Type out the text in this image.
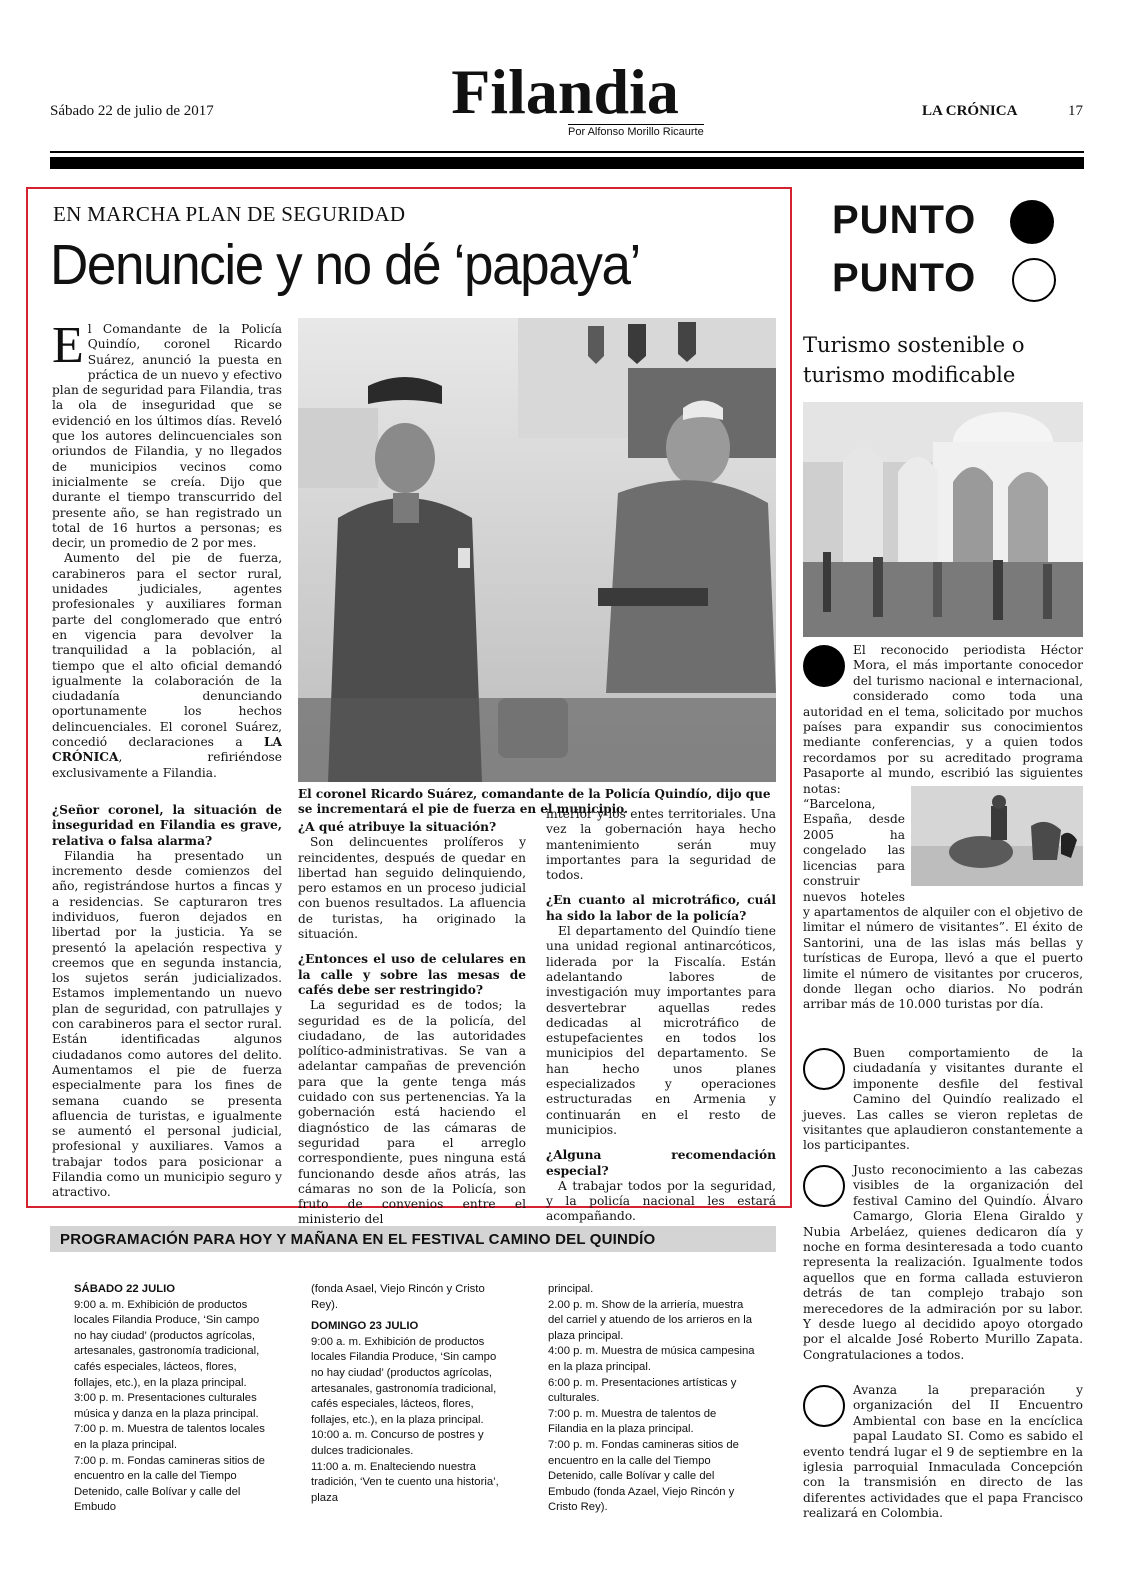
Sábado 22 de julio de 2017	Filandia
Por Alfonso Morillo Ricaurte
LA CRÓNICA	17
EN MARCHA PLAN DE SEGURIDAD
Denuncie y no dé ‘papaya’

El Comandante de la Policía Quindío, coronel Ricardo Suárez, anunció la puesta en práctica de un nuevo y efectivo plan de seguridad para Filandia, tras la ola de inseguridad que se evidenció en los últimos días. Reveló que los autores delincuenciales son oriundos de Filandia, y no llegados de municipios vecinos como inicialmente se creía. Dijo que durante el tiempo transcurrido del presente año, se han registrado un total de 16 hurtos a personas; es decir, un promedio de 2 por mes.

Aumento del pie de fuerza, carabineros para el sector rural, unidades judiciales, agentes profesionales y auxiliares forman parte del conglomerado que entró en vigencia para devolver la tranquilidad a la población, al tiempo que el alto oficial demandó igualmente la colaboración de la ciudadanía denunciando oportunamente los hechos delincuenciales. El coronel Suárez, concedió declaraciones a LA CRÓNICA, refiriéndose exclusivamente a Filandia.

¿Señor coronel, la situación de inseguridad en Filandia es grave, relativa o falsa alarma?

Filandia ha presentado un incremento desde comienzos del año, registrándose hurtos a fincas y a residencias. Se capturaron tres individuos, fueron dejados en libertad por la justicia. Ya se presentó la apelación respectiva y creemos que en segunda instancia, los sujetos serán judicializados. Estamos implementando un nuevo plan de seguridad, con patrullajes y con carabineros para el sector rural. Están identificadas algunos ciudadanos como autores del delito. Aumentamos el pie de fuerza especialmente para los fines de semana cuando se presenta afluencia de turistas, e igualmente se aumentó el personal judicial, profesional y auxiliares. Vamos a trabajar todos para posicionar a Filandia como un municipio seguro y atractivo.

El coronel Ricardo Suárez, comandante de la Policía Quindío, dijo que se incrementará el pie de fuerza en el municipio.

¿A qué atribuye la situación?

Son delincuentes prolíferos y reincidentes, después de quedar en libertad han seguido delinquiendo, pero estamos en un proceso judicial con buenos resultados. La afluencia de turistas, ha originado la situación.

¿Entonces el uso de celulares en la calle y sobre las mesas de cafés debe ser restringido?

La seguridad es de todos; la seguridad es de la policía, del ciudadano, de las autoridades político-administrativas. Se van a adelantar campañas de prevención para que la gente tenga más cuidado con sus pertenencias. Ya la gobernación está haciendo el diagnóstico de las cámaras de seguridad para el arreglo correspondiente, pues ninguna está funcionando desde años atrás, las cámaras no son de la Policía, son fruto de convenios entre el ministerio del

interior y los entes territoriales. Una vez la gobernación haya hecho mantenimiento serán muy importantes para la seguridad de todos.

¿En cuanto al microtráfico, cuál ha sido la labor de la policía?

El departamento del Quindío tiene una unidad regional antinarcóticos, liderada por la Fiscalía. Están adelantando labores de investigación muy importantes para desvertebrar aquellas redes dedicadas al microtráfico de estupefacientes en todos los municipios del departamento. Se han hecho unos planes especializados y operaciones estructuradas en Armenia y continuarán en el resto de municipios.

¿Alguna recomendación especial?

A trabajar todos por la seguridad, y la policía nacional les estará acompañando.

PUNTO
PUNTO
Turismo sostenible o turismo modificable
El reconocido periodista Héctor Mora, el más importante conocedor del turismo nacional e internacional, considerado como toda una autoridad en el tema, solicitado por muchos países para expandir sus conocimientos mediante conferencias, y a quien todos recordamos por su acreditado programa Pasaporte al mundo, escribió las siguientes notas:
“Barcelona, España, desde 2005 ha congelado las licencias para construir nuevos hoteles y apartamentos de alquiler con el objetivo de limitar el número de visitantes”. El éxito de Santorini, una de las islas más bellas y turísticas de Europa, llevó a que el puerto limite el número de visitantes por cruceros, donde llegan ocho diarios. No podrán arribar más de 10.000 turistas por día.
Buen comportamiento de la ciudadanía y visitantes durante el imponente desfile del festival Camino del Quindío realizado el jueves. Las calles se vieron repletas de visitantes que aplaudieron constantemente a los participantes.
Justo reconocimiento a las cabezas visibles de la organización del festival Camino del Quindío. Álvaro Camargo, Gloria Elena Giraldo y Nubia Arbeláez, quienes dedicaron día y noche en forma desinteresada a todo cuanto representa la realización. Igualmente todos aquellos que en forma callada estuvieron detrás de tan complejo trabajo son merecedores de la admiración por su labor. Y desde luego al decidido apoyo otorgado por el alcalde José Roberto Murillo Zapata. Congratulaciones a todos.
Avanza la preparación y organización del II Encuentro Ambiental con base en la encíclica papal Laudato SI. Como es sabido el evento tendrá lugar el 9 de septiembre en la iglesia parroquial Inmaculada Concepción con la transmisión en directo de las diferentes actividades que el papa Francisco realizará en Colombia.
PROGRAMACIÓN PARA HOY Y MAÑANA EN EL FESTIVAL CAMINO DEL QUINDÍO
SÁBADO 22 JULIO
9:00 a. m. Exhibición de productos locales Filandia Produce, ‘Sin campo no hay ciudad’ (productos agrícolas, artesanales, gastronomía tradicional, cafés especiales, lácteos, flores, follajes, etc.), en la plaza principal.
3:00 p. m. Presentaciones culturales música y danza en la plaza principal.
7:00 p. m. Muestra de talentos locales en la plaza principal.
7:00 p. m. Fondas camineras sitios de encuentro en la calle del Tiempo Detenido, calle Bolívar y calle del Embudo
(fonda Asael, Viejo Rincón y Cristo Rey).
DOMINGO 23 JULIO
9:00 a. m. Exhibición de productos locales Filandia Produce, ‘Sin campo no hay ciudad’ (productos agrícolas, artesanales, gastronomía tradicional, cafés especiales, lácteos, flores, follajes, etc.), en la plaza principal.
10:00 a. m. Concurso de postres y dulces tradicionales.
11:00 a. m. Enalteciendo nuestra tradición, ‘Ven te cuento una historia’, plaza
principal.
2.00 p. m. Show de la arriería, muestra del carriel y atuendo de los arrieros en la plaza principal.
4:00 p. m. Muestra de música campesina en la plaza principal.
6:00 p. m. Presentaciones artísticas y culturales.
7:00 p. m. Muestra de talentos de Filandia en la plaza principal.
7:00 p. m. Fondas camineras sitios de encuentro en la calle del Tiempo Detenido, calle Bolívar y calle del Embudo (fonda Azael, Viejo Rincón y Cristo Rey).
